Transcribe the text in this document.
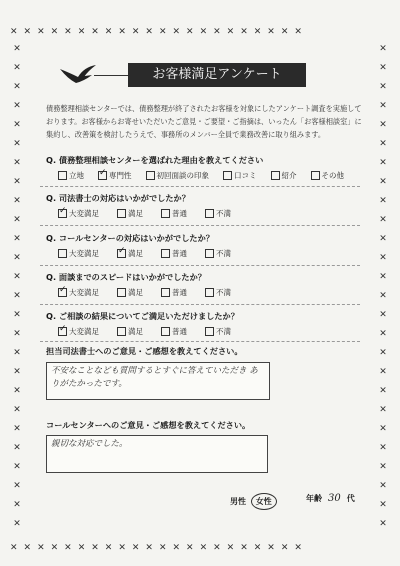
✕✕✕✕✕✕✕✕✕✕✕✕✕✕✕✕✕✕✕✕✕✕
✕✕✕✕✕✕✕✕✕✕✕✕✕✕✕✕✕✕✕✕✕✕
✕
✕
✕
✕
✕
✕
✕
✕
✕
✕
✕
✕
✕
✕
✕
✕
✕
✕
✕
✕
✕
✕
✕
✕
✕
✕
✕
✕
✕
✕
✕
✕
✕
✕
✕
✕
✕
✕
✕
✕
✕
✕
✕
✕
✕
✕
✕
✕
✕
✕
✕
✕
お客様満足アンケート
債務整理相談センターでは、債務整理が終了されたお客様を対象にしたアンケート調査を実施しております。お客様からお寄せいただいたご意見・ご要望・ご指摘は、いったん「お客様相談室」に集約し、改善策を検討したうえで、事務所のメンバー全員で業務改善に取り組みます。
Q. 債務整理相談センターを選ばれた理由を教えてください
立地 ✓	専門性	初回面談の印象	口コミ	紹介	その他
Q. 司法書士の対応はいかがでしたか？
✓
大変満足	満足	普通	不満
Q. コールセンターの対応はいかがでしたか？
大変満足 ✓	満足	普通	不満
Q. 面談までのスピードはいかがでしたか？
✓
大変満足	満足	普通	不満
Q. ご相談の結果についてご満足いただけましたか？
✓
大変満足	満足	普通	不満
担当司法書士へのご意見・ご感想を教えてください。
不安なことなども質問するとすぐに答えていただき ありがたかったです。
コールセンターへのご意見・ご感想を教えてください。
親切な対応でした。
男性 女性	年齢 30 代
